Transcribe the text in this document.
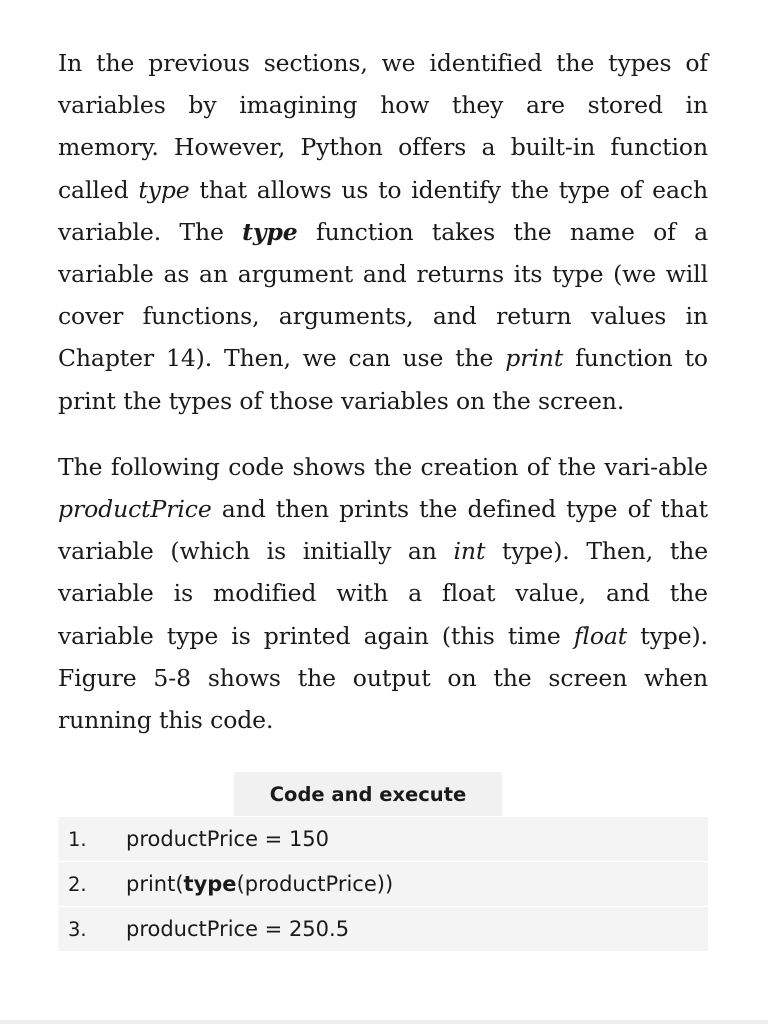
In the previous sections, we identified the types of variables by imagining how they are stored in memory. However, Python offers a built-in function called type that allows us to identify the type of each variable. The type function takes the name of a variable as an argument and returns its type (we will cover functions, arguments, and return values in Chapter 14). Then, we can use the print function to print the types of those variables on the screen.

The following code shows the creation of the vari-able productPrice and then prints the defined type of that variable (which is initially an int type). Then, the variable is modified with a float value, and the variable type is printed again (this time float type). Figure 5-8 shows the output on the screen when running this code.

Code and execute
1.	productPrice = 150
2.	print(type(productPrice))
3.	productPrice = 250.5
